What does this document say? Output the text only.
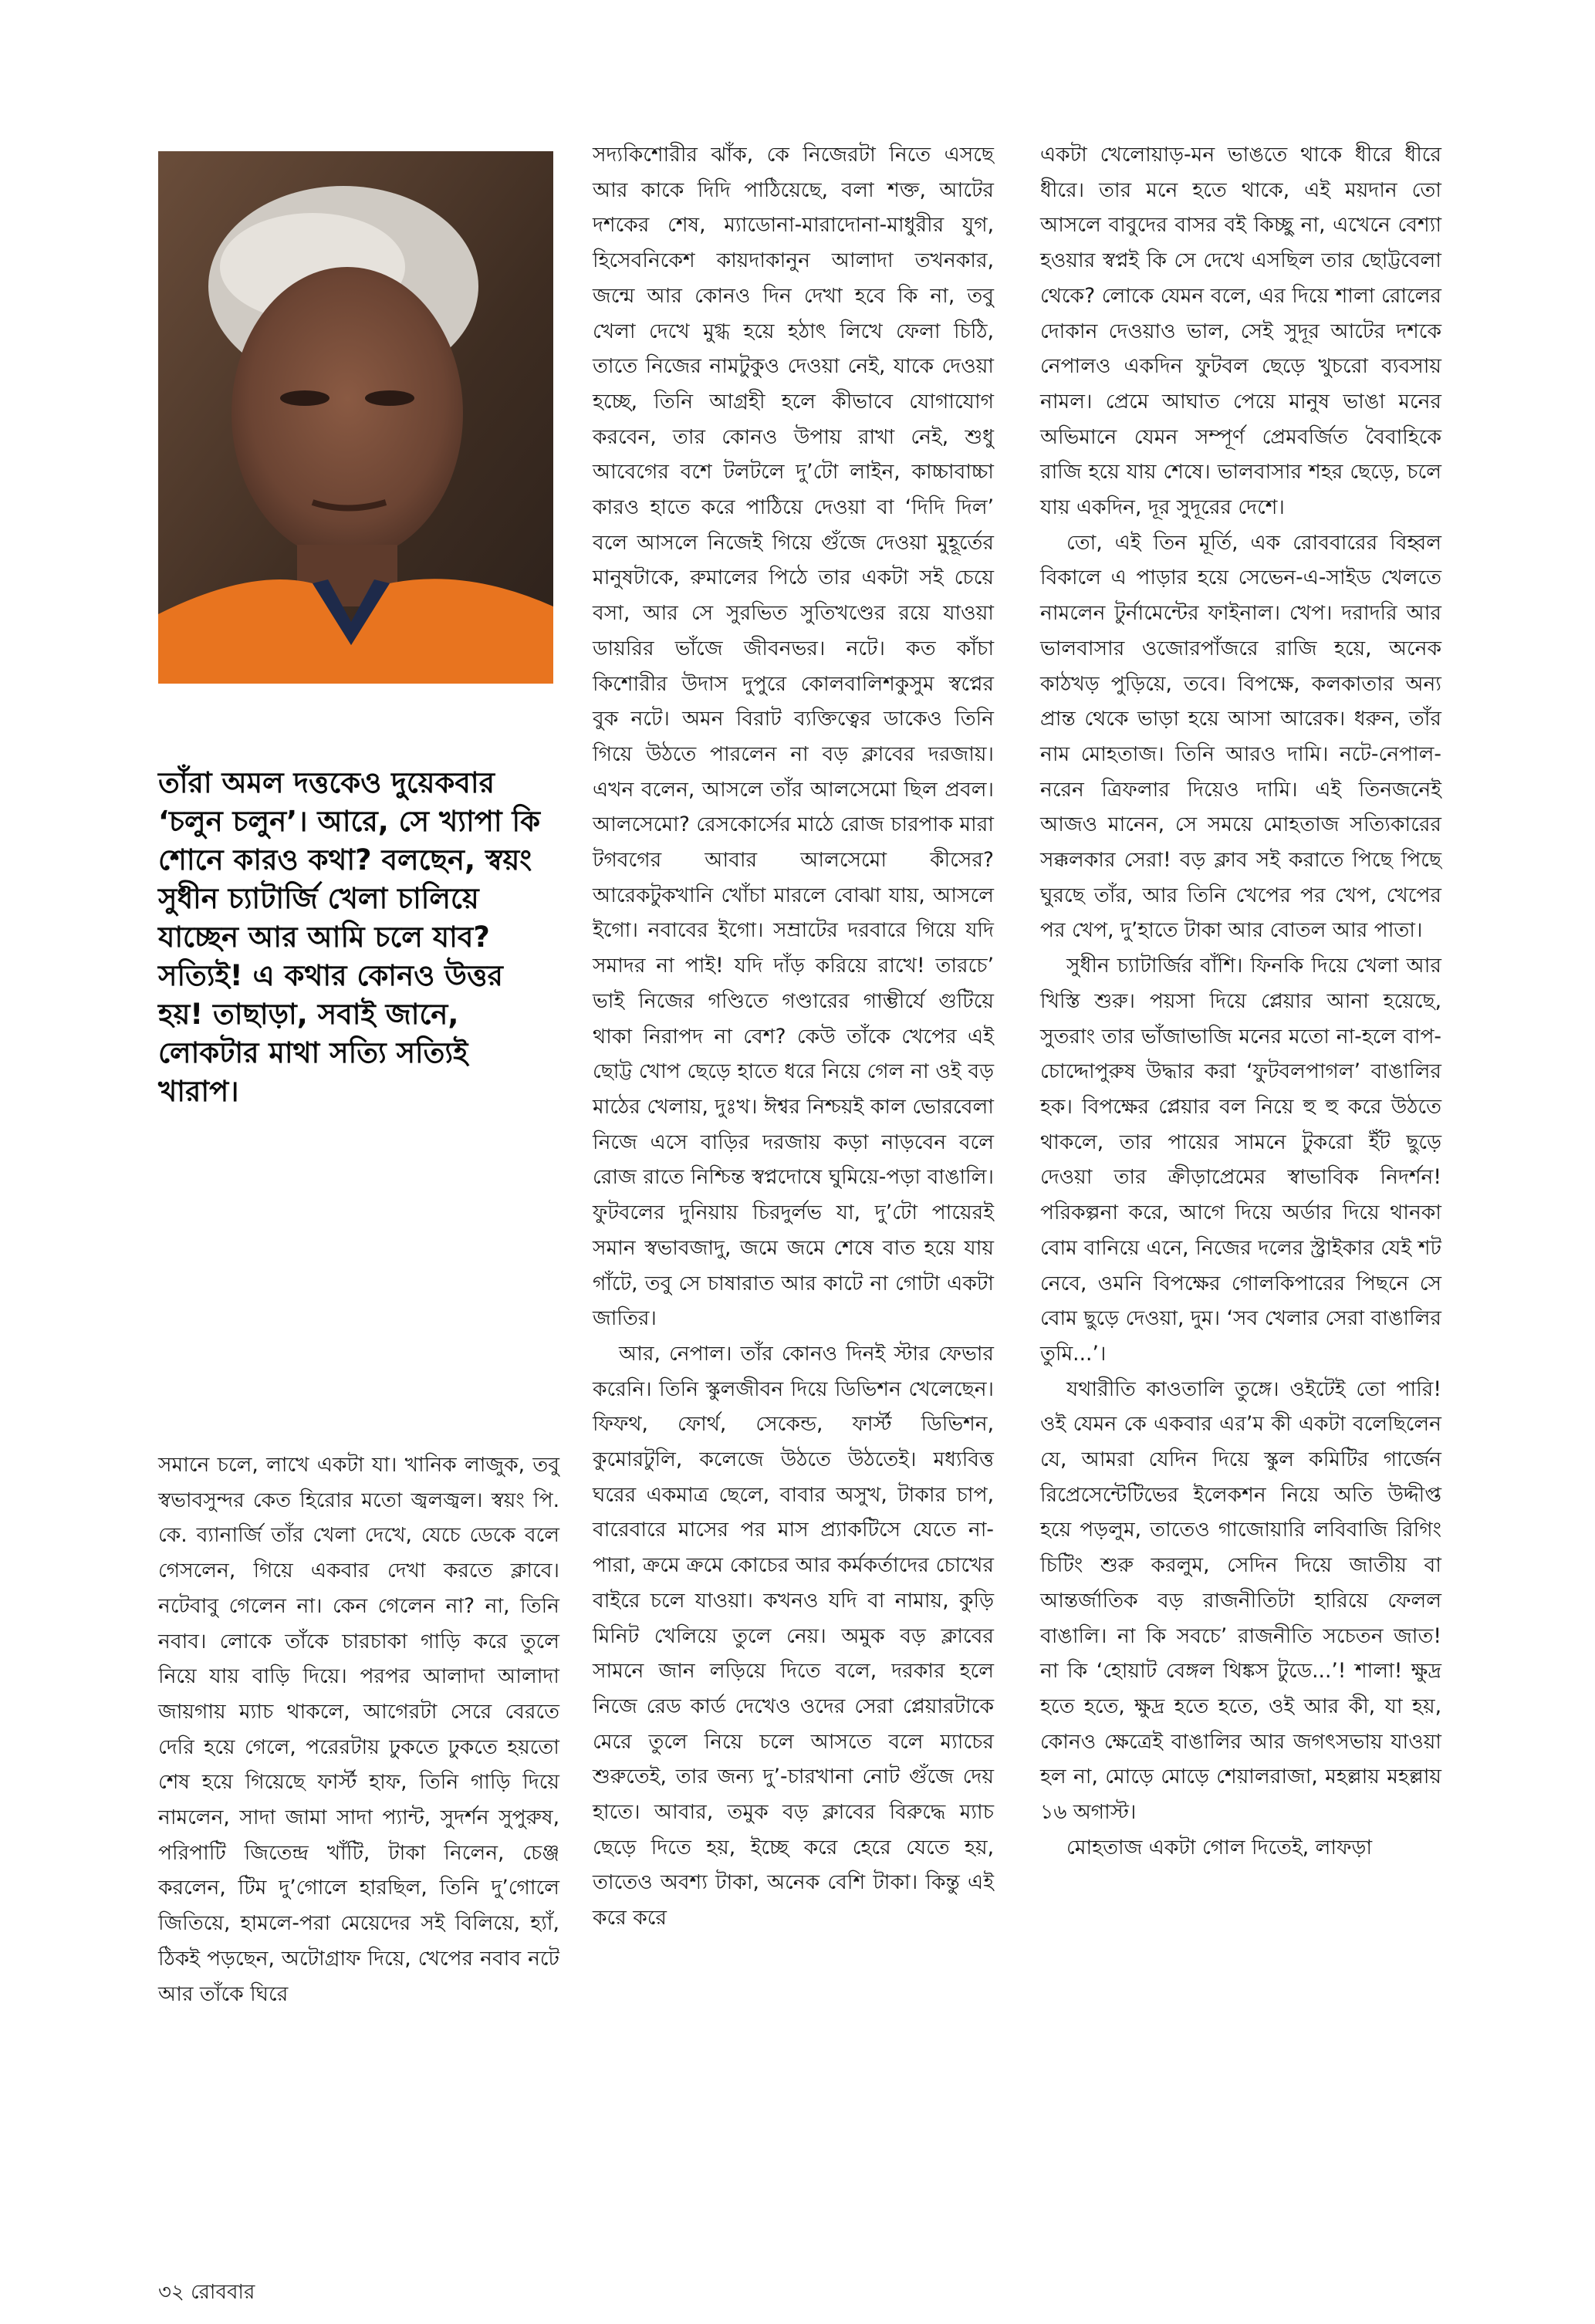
তাঁরা অমল দত্তকেও দুয়েকবার ‘চলুন চলুন’। আরে, সে খ্যাপা কি শোনে কারও কথা? বলছেন, স্বয়ং সুধীন চ্যাটার্জি খেলা চালিয়ে যাচ্ছেন আর আমি চলে যাব? সত্যিই! এ কথার কোনও উত্তর হয়! তাছাড়া, সবাই জানে, লোকটার মাথা সত্যি সত্যিই খারাপ।

সমানে চলে, লাখে একটা যা। খানিক লাজুক, তবু স্বভাবসুন্দর কেত হিরোর মতো জ্বলজ্বল। স্বয়ং পি. কে. ব্যানার্জি তাঁর খেলা দেখে, যেচে ডেকে বলে গেসলেন, গিয়ে একবার দেখা করতে ক্লাবে। নটেবাবু গেলেন না। কেন গেলেন না? না, তিনি নবাব। লোকে তাঁকে চারচাকা গাড়ি করে তুলে নিয়ে যায় বাড়ি দিয়ে। পরপর আলাদা আলাদা জায়গায় ম্যাচ থাকলে, আগেরটা সেরে বেরতে দেরি হয়ে গেলে, পরেরটায় ঢুকতে ঢুকতে হয়তো শেষ হয়ে গিয়েছে ফার্স্ট হাফ, তিনি গাড়ি দিয়ে নামলেন, সাদা জামা সাদা প্যান্ট, সুদর্শন সুপুরুষ, পরিপাটি জিতেন্দ্র খাঁটি, টাকা নিলেন, চেঞ্জ করলেন, টিম দু’গোলে হারছিল, তিনি দু’গোলে জিতিয়ে, হামলে-পরা মেয়েদের সই বিলিয়ে, হ্যাঁ, ঠিকই পড়ছেন, অটোগ্রাফ দিয়ে, খেপের নবাব নটে আর তাঁকে ঘিরে

সদ্যকিশোরীর ঝাঁক, কে নিজেরটা নিতে এসছে আর কাকে দিদি পাঠিয়েছে, বলা শক্ত, আটের দশকের শেষ, ম্যাডোনা-মারাদোনা-মাধুরীর যুগ, হিসেবনিকেশ কায়দাকানুন আলাদা তখনকার, জন্মে আর কোনও দিন দেখা হবে কি না, তবু খেলা দেখে মুগ্ধ হয়ে হঠাৎ লিখে ফেলা চিঠি, তাতে নিজের নামটুকুও দেওয়া নেই, যাকে দেওয়া হচ্ছে, তিনি আগ্রহী হলে কীভাবে যোগাযোগ করবেন, তার কোনও উপায় রাখা নেই, শুধু আবেগের বশে টলটলে দু’টো লাইন, কাচ্চাবাচ্চা কারও হাতে করে পাঠিয়ে দেওয়া বা ‘দিদি দিল’ বলে আসলে নিজেই গিয়ে গুঁজে দেওয়া মুহূর্তের মানুষটাকে, রুমালের পিঠে তার একটা সই চেয়ে বসা, আর সে সুরভিত সুতিখণ্ডের রয়ে যাওয়া ডায়রির ভাঁজে জীবনভর। নটে। কত কাঁচা কিশোরীর উদাস দুপুরে কোলবালিশকুসুম স্বপ্নের বুক নটে। অমন বিরাট ব্যক্তিত্বের ডাকেও তিনি গিয়ে উঠতে পারলেন না বড় ক্লাবের দরজায়। এখন বলেন, আসলে তাঁর আলসেমো ছিল প্রবল। আলসেমো? রেসকোর্সের মাঠে রোজ চারপাক মারা টগবগের আবার আলসেমো কীসের? আরেকটুকখানি খোঁচা মারলে বোঝা যায়, আসলে ইগো। নবাবের ইগো। সম্রাটের দরবারে গিয়ে যদি সমাদর না পাই! যদি দাঁড় করিয়ে রাখে! তারচে’ ভাই নিজের গণ্ডিতে গণ্ডারের গাম্ভীর্যে গুটিয়ে থাকা নিরাপদ না বেশ? কেউ তাঁকে খেপের এই ছোট্ট খোপ ছেড়ে হাতে ধরে নিয়ে গেল না ওই বড় মাঠের খেলায়, দুঃখ। ঈশ্বর নিশ্চয়ই কাল ভোরবেলা নিজে এসে বাড়ির দরজায় কড়া নাড়বেন বলে রোজ রাতে নিশ্চিন্ত স্বপ্নদোষে ঘুমিয়ে-পড়া বাঙালি। ফুটবলের দুনিয়ায় চিরদুর্লভ যা, দু’টো পায়েরই সমান স্বভাবজাদু, জমে জমে শেষে বাত হয়ে যায় গাঁটে, তবু সে চাষারাত আর কাটে না গোটা একটা জাতির।

আর, নেপাল। তাঁর কোনও দিনই স্টার ফেভার করেনি। তিনি স্কুলজীবন দিয়ে ডিভিশন খেলেছেন। ফিফথ, ফোর্থ, সেকেন্ড, ফার্স্ট ডিভিশন, কুমোরটুলি, কলেজে উঠতে উঠতেই। মধ্যবিত্ত ঘরের একমাত্র ছেলে, বাবার অসুখ, টাকার চাপ, বারেবারে মাসের পর মাস প্র্যাকটিসে যেতে না-পারা, ক্রমে ক্রমে কোচের আর কর্মকর্তাদের চোখের বাইরে চলে যাওয়া। কখনও যদি বা নামায়, কুড়ি মিনিট খেলিয়ে তুলে নেয়। অমুক বড় ক্লাবের সামনে জান লড়িয়ে দিতে বলে, দরকার হলে নিজে রেড কার্ড দেখেও ওদের সেরা প্লেয়ারটাকে মেরে তুলে নিয়ে চলে আসতে বলে ম্যাচের শুরুতেই, তার জন্য দু’-চারখানা নোট গুঁজে দেয় হাতে। আবার, তমুক বড় ক্লাবের বিরুদ্ধে ম্যাচ ছেড়ে দিতে হয়, ইচ্ছে করে হেরে যেতে হয়, তাতেও অবশ্য টাকা, অনেক বেশি টাকা। কিন্তু এই করে করে

একটা খেলোয়াড়-মন ভাঙতে থাকে ধীরে ধীরে ধীরে। তার মনে হতে থাকে, এই ময়দান তো আসলে বাবুদের বাসর বই কিচ্ছু না, এখেনে বেশ্যা হওয়ার স্বপ্নই কি সে দেখে এসছিল তার ছোট্টবেলা থেকে? লোকে যেমন বলে, এর দিয়ে শালা রোলের দোকান দেওয়াও ভাল, সেই সুদূর আটের দশকে নেপালও একদিন ফুটবল ছেড়ে খুচরো ব্যবসায় নামল। প্রেমে আঘাত পেয়ে মানুষ ভাঙা মনের অভিমানে যেমন সম্পূর্ণ প্রেমবর্জিত বৈবাহিকে রাজি হয়ে যায় শেষে। ভালবাসার শহর ছেড়ে, চলে যায় একদিন, দূর সুদূরের দেশে।

তো, এই তিন মূর্তি, এক রোববারের বিহ্বল বিকালে এ পাড়ার হয়ে সেভেন-এ-সাইড খেলতে নামলেন টুর্নামেন্টের ফাইনাল। খেপ। দরাদরি আর ভালবাসার ওজোরপাঁজরে রাজি হয়ে, অনেক কাঠখড় পুড়িয়ে, তবে। বিপক্ষে, কলকাতার অন্য প্রান্ত থেকে ভাড়া হয়ে আসা আরেক। ধরুন, তাঁর নাম মোহতাজ। তিনি আরও দামি। নটে-নেপাল-নরেন ত্রিফলার দিয়েও দামি। এই তিনজনেই আজও মানেন, সে সময়ে মোহতাজ সত্যিকারের সক্কলকার সেরা! বড় ক্লাব সই করাতে পিছে পিছে ঘুরছে তাঁর, আর তিনি খেপের পর খেপ, খেপের পর খেপ, দু’হাতে টাকা আর বোতল আর পাতা।

সুধীন চ্যাটার্জির বাঁশি। ফিনকি দিয়ে খেলা আর খিস্তি শুরু। পয়সা দিয়ে প্লেয়ার আনা হয়েছে, সুতরাং তার ভাঁজাভাজি মনের মতো না-হলে বাপ-চোদ্দোপুরুষ উদ্ধার করা ‘ফুটবলপাগল’ বাঙালির হক। বিপক্ষের প্লেয়ার বল নিয়ে হু হু করে উঠতে থাকলে, তার পায়ের সামনে টুকরো ইঁট ছুড়ে দেওয়া তার ক্রীড়াপ্রেমের স্বাভাবিক নিদর্শন! পরিকল্পনা করে, আগে দিয়ে অর্ডার দিয়ে থানকা বোম বানিয়ে এনে, নিজের দলের স্ট্রাইকার যেই শট নেবে, ওমনি বিপক্ষের গোলকিপারের পিছনে সে বোম ছুড়ে দেওয়া, দুম। ‘সব খেলার সেরা বাঙালির তুমি...’।

যথারীতি কাওতালি তুঙ্গে। ওইটেই তো পারি! ওই যেমন কে একবার এর’ম কী একটা বলেছিলেন যে, আমরা যেদিন দিয়ে স্কুল কমিটির গার্জেন রিপ্রেসেন্টেটিভের ইলেকশন নিয়ে অতি উদ্দীপ্ত হয়ে পড়লুম, তাতেও গাজোয়ারি লবিবাজি রিগিং চিটিং শুরু করলুম, সেদিন দিয়ে জাতীয় বা আন্তর্জাতিক বড় রাজনীতিটা হারিয়ে ফেলল বাঙালি। না কি সবচে’ রাজনীতি সচেতন জাত! না কি ‘হোয়াট বেঙ্গল থিঙ্কস টুডে...’! শালা! ক্ষুদ্র হতে হতে, ক্ষুদ্র হতে হতে, ওই আর কী, যা হয়, কোনও ক্ষেত্রেই বাঙালির আর জগৎসভায় যাওয়া হল না, মোড়ে মোড়ে শেয়ালরাজা, মহল্লায় মহল্লায় ১৬ অগাস্ট।

মোহতাজ একটা গোল দিতেই, লাফড়া

৩২ রোববার
